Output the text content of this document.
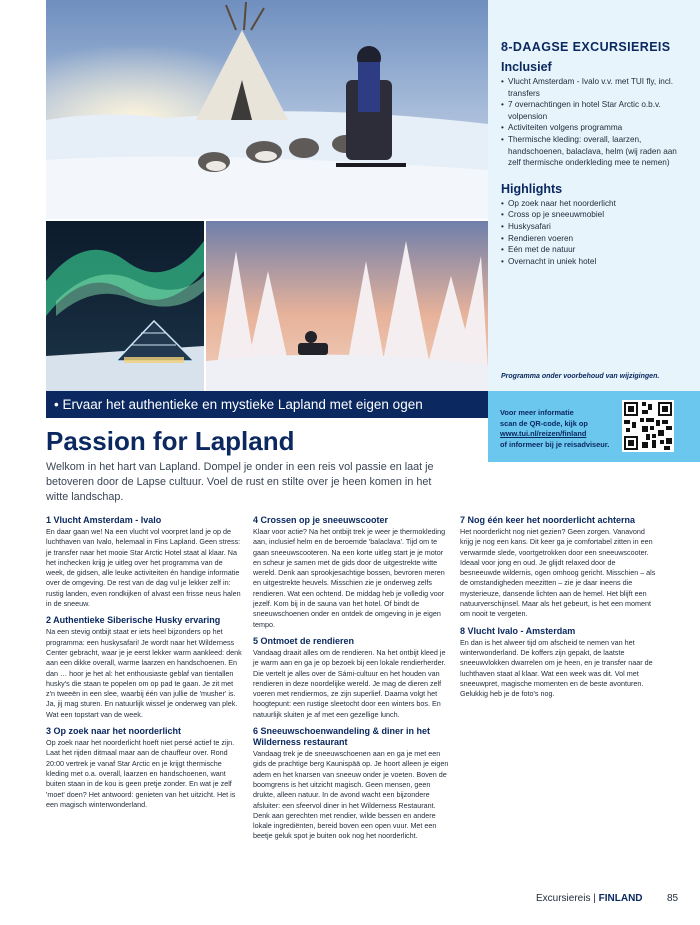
8-DAAGSE EXCURSIEREIS
Inclusief
• Vlucht Amsterdam - Ivalo v.v. met TUI fly, incl. transfers
• 7 overnachtingen in hotel Star Arctic o.b.v. volpension
• Activiteiten volgens programma
• Thermische kleding: overall, laarzen, handschoenen, balaclava, helm (wij raden aan zelf thermische onderkleding mee te nemen)
Highlights
• Op zoek naar het noorderlicht
• Cross op je sneeuwmobiel
• Huskysafari
• Rendieren voeren
• Eén met de natuur
• Overnacht in uniek hotel
Programma onder voorbehoud van wijzigingen.
• Ervaar het authentieke en mystieke Lapland met eigen ogen
Voor meer informatie
scan de QR-code, kijk op
www.tui.nl/reizen/finland
of informeer bij je reisadviseur.
Passion for Lapland
Welkom in het hart van Lapland. Dompel je onder in een reis vol passie en laat je betoveren door de Lapse cultuur. Voel de rust en stilte over je heen komen in het witte landschap.

1 Vlucht Amsterdam - Ivalo

En daar gaan we! Na een vlucht vol voorpret land je op de luchthaven van Ivalo, helemaal in Fins Lapland. Geen stress: je transfer naar het mooie Star Arctic Hotel staat al klaar. Na het inchecken krijg je uitleg over het programma van de week, de gidsen, alle leuke activiteiten én handige informatie over de omgeving. De rest van de dag vul je lekker zelf in: rustig landen, even rondkijken of alvast een frisse neus halen in de sneeuw.

2 Authentieke Siberische Husky ervaring

Na een stevig ontbijt staat er iets heel bijzonders op het programma: een huskysafari! Je wordt naar het Wilderness Center gebracht, waar je je eerst lekker warm aankleed: denk aan een dikke overall, warme laarzen en handschoenen. En dan … hoor je het al: het enthousiaste geblaf van tientallen husky's die staan te popelen om op pad te gaan. Je zit met z'n tweeën in een slee, waarbij één van jullie de 'musher' is. Ja, jij mag sturen. En natuurlijk wissel je onderweg van plek. Wat een topstart van de week.

3 Op zoek naar het noorderlicht

Op zoek naar het noorderlicht hoeft niet persé actief te zijn. Laat het rijden ditmaal maar aan de chauffeur over. Rond 20:00 vertrek je vanaf Star Arctic en je krijgt thermische kleding met o.a. overall, laarzen en handschoenen, want buiten staan in de kou is geen pretje zonder. En wat je zelf 'moet' doen? Het antwoord: genieten van het uitzicht. Het is een magisch winterwonderland.

4 Crossen op je sneeuwscooter

Klaar voor actie? Na het ontbijt trek je weer je thermokleding aan, inclusief helm en de beroemde 'balaclava'. Tijd om te gaan sneeuwscooteren. Na een korte uitleg start je je motor en scheur je samen met de gids door de uitgestrekte witte wereld. Denk aan sprookjesachtige bossen, bevroren meren en uitgestrekte heuvels. Misschien zie je onderweg zelfs rendieren. Wat een ochtend. De middag heb je volledig voor jezelf. Kom bij in de sauna van het hotel. Of bindt de sneeuwschoenen onder en ontdek de omgeving in je eigen tempo.

5 Ontmoet de rendieren

Vandaag draait alles om de rendieren. Na het ontbijt kleed je je warm aan en ga je op bezoek bij een lokale rendierherder. Die vertelt je alles over de Sámi-cultuur en het houden van rendieren in deze noordelijke wereld. Je mag de dieren zelf voeren met rendiermos, ze zijn superlief. Daarna volgt het hoogtepunt: een rustige sleetocht door een winters bos. En natuurlijk sluiten je af met een gezellige lunch.

6 Sneeuwschoenwandeling & diner in het Wilderness restaurant

Vandaag trek je de sneeuwschoenen aan en ga je met een gids de prachtige berg Kaunispää op. Je hoort alleen je eigen adem en het knarsen van sneeuw onder je voeten. Boven de boomgrens is het uitzicht magisch. Geen mensen, geen drukte, alleen natuur. In de avond wacht een bijzondere afsluiter: een sfeervol diner in het Wilderness Restaurant. Denk aan gerechten met rendier, wilde bessen en andere lokale ingrediënten, bereid boven een open vuur. Met een beetje geluk spot je buiten ook nog het noorderlicht.

7 Nog één keer het noorderlicht achterna

Het noorderlicht nog niet gezien? Geen zorgen. Vanavond krijg je nog een kans. Dit keer ga je comfortabel zitten in een verwarmde slede, voortgetrokken door een sneeuwscooter. Ideaal voor jong en oud. Je glijdt relaxed door de besneeuwde wildernis, ogen omhoog gericht. Misschien – als de omstandigheden meezitten – zie je daar ineens die mysterieuze, dansende lichten aan de hemel. Het blijft een natuurverschijnsel. Maar als het gebeurt, is het een moment om nooit te vergeten.

8 Vlucht Ivalo - Amsterdam

En dan is het alweer tijd om afscheid te nemen van het winterwonderland. De koffers zijn gepakt, de laatste sneeuwvlokken dwarrelen om je heen, en je transfer naar de luchthaven staat al klaar. Wat een week was dit. Vol met sneeuwpret, magische momenten en de beste avonturen. Gelukkig heb je de foto's nog.

Excursiereis | FINLAND 85
